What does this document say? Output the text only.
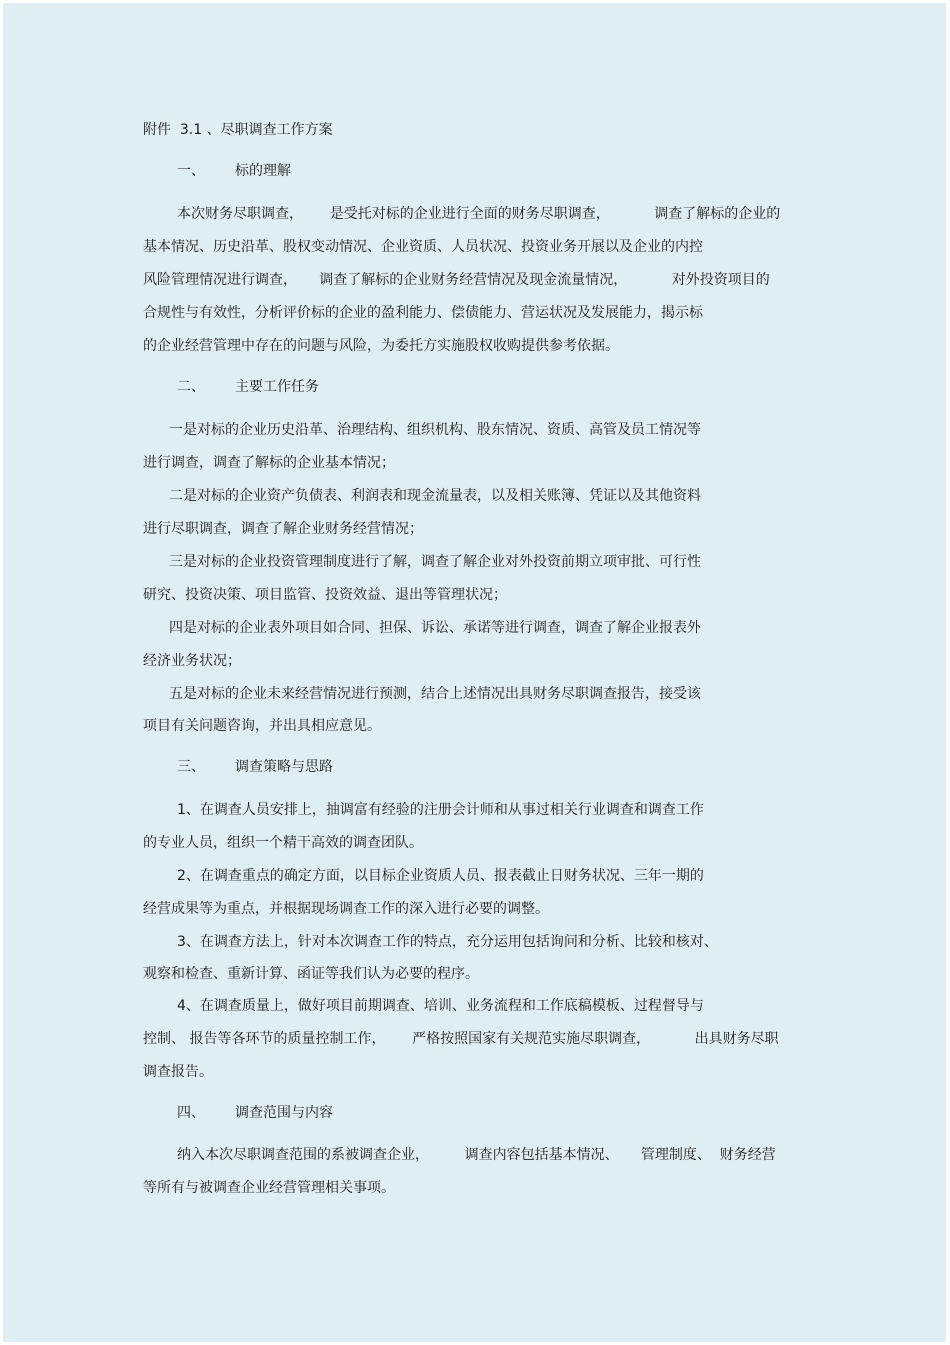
附件  3.1 、尽职调查工作方案
一、 标的理解
本次财务尽职调查，      是受托对标的企业进行全面的财务尽职调查，          调查了解标的企业的
基本情况、历史沿革、股权变动情况、企业资质、人员状况、投资业务开展以及企业的内控
风险管理情况进行调查，     调查了解标的企业财务经营情况及现金流量情况，          对外投资项目的
合规性与有效性，分析评价标的企业的盈利能力、偿债能力、营运状况及发展能力，揭示标
的企业经营管理中存在的问题与风险，为委托方实施股权收购提供参考依据。
二、 主要工作任务
一是对标的企业历史沿革、治理结构、组织机构、股东情况、资质、高管及员工情况等
进行调查，调查了解标的企业基本情况；
二是对标的企业资产负债表、利润表和现金流量表，以及相关账簿、凭证以及其他资料
进行尽职调查，调查了解企业财务经营情况；
三是对标的企业投资管理制度进行了解，调查了解企业对外投资前期立项审批、可行性
研究、投资决策、项目监管、投资效益、退出等管理状况；
四是对标的企业表外项目如合同、担保、诉讼、承诺等进行调查，调查了解企业报表外
经济业务状况；
五是对标的企业未来经营情况进行预测，结合上述情况出具财务尽职调查报告，接受该
项目有关问题咨询，并出具相应意见。
三、 调查策略与思路
1、在调查人员安排上，抽调富有经验的注册会计师和从事过相关行业调查和调查工作
的专业人员，组织一个精干高效的调查团队。
2、在调查重点的确定方面，以目标企业资质人员、报表截止日财务状况、三年一期的
经营成果等为重点，并根据现场调查工作的深入进行必要的调整。
3、在调查方法上，针对本次调查工作的特点，充分运用包括询问和分析、比较和核对、
观察和检查、重新计算、函证等我们认为必要的程序。
4、在调查质量上，做好项目前期调查、培训、业务流程和工作底稿模板、过程督导与
控制、 报告等各环节的质量控制工作，      严格按照国家有关规范实施尽职调查，          出具财务尽职
调查报告。
四、 调查范围与内容
纳入本次尽职调查范围的系被调查企业，        调查内容包括基本情况、     管理制度、  财务经营
等所有与被调查企业经营管理相关事项。
